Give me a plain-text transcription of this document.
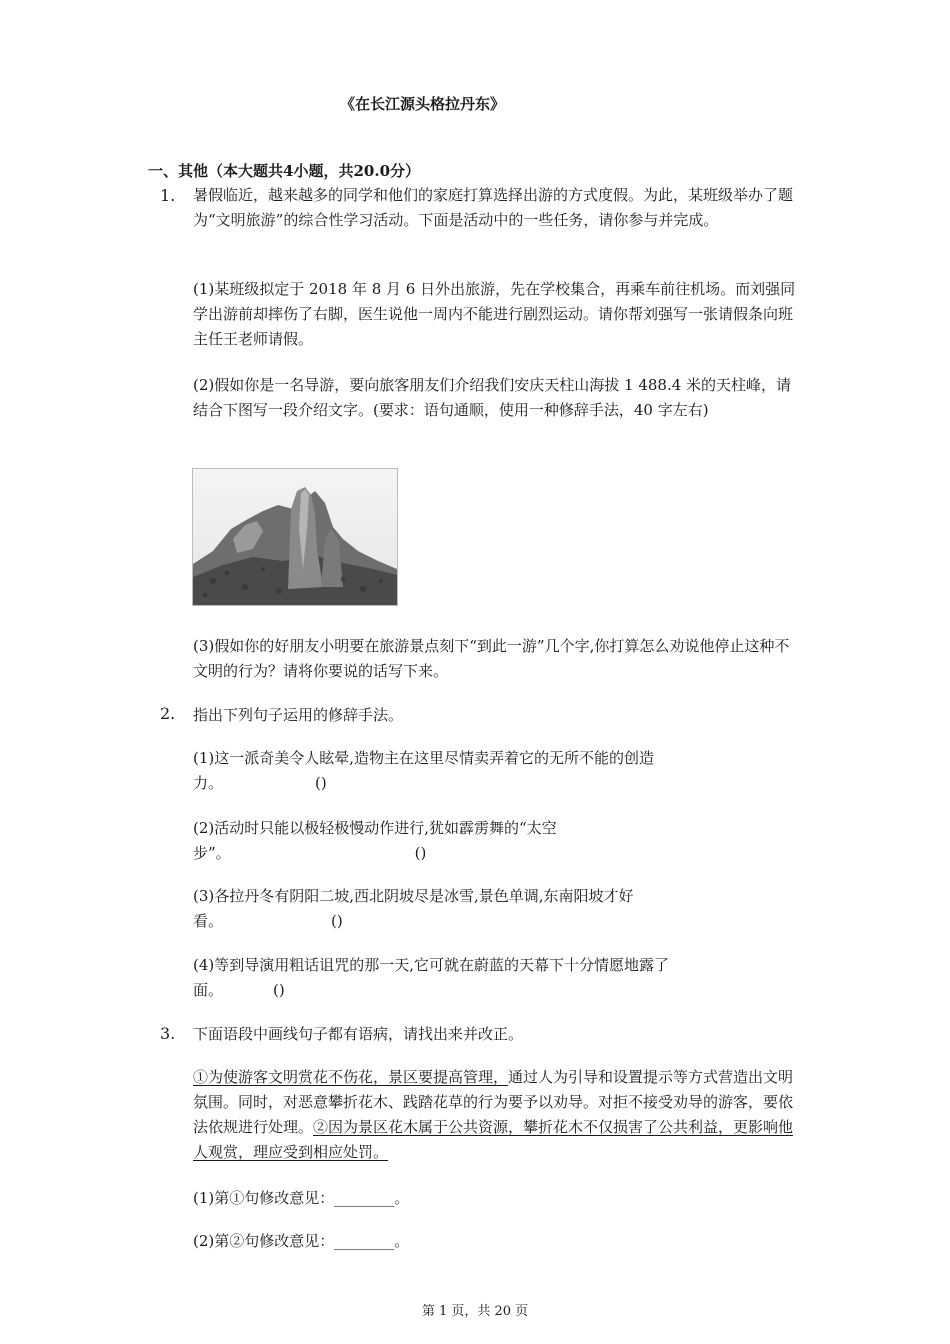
《在长江源头格拉丹东》
一、其他（本大题共4小题，共20.0分）
1. 暑假临近，越来越多的同学和他们的家庭打算选择出游的方式度假。为此，某班级举办了题为“文明旅游”的综合性学习活动。下面是活动中的一些任务，请你参与并完成。
(1)某班级拟定于 2018 年 8 月 6 日外出旅游，先在学校集合，再乘车前往机场。而刘强同学出游前却摔伤了右脚，医生说他一周内不能进行剧烈运动。请你帮刘强写一张请假条向班主任王老师请假。
(2)假如你是一名导游，要向旅客朋友们介绍我们安庆天柱山海拔 1 488.4 米的天柱峰，请结合下图写一段介绍文字。(要求：语句通顺，使用一种修辞手法，40 字左右)
(3)假如你的好朋友小明要在旅游景点刻下“到此一游”几个字,你打算怎么劝说他停止这种不文明的行为？请将你要说的话写下来。
2. 指出下列句子运用的修辞手法。
(1)这一派奇美令人眩晕,造物主在这里尽情卖弄着它的无所不能的创造
力。	()
(2)活动时只能以极轻极慢动作进行,犹如霹雳舞的“太空
步”。	()
(3)各拉丹冬有阴阳二坡,西北阴坡尽是冰雪,景色单调,东南阳坡才好
看。	()
(4)等到导演用粗话诅咒的那一天,它可就在蔚蓝的天幕下十分情愿地露了
面。	()
3. 下面语段中画线句子都有语病，请找出来并改正。
①为使游客文明赏花不伤花，景区要提高管理，通过人为引导和设置提示等方式营造出文明氛围。同时，对恶意攀折花木、践踏花草的行为要予以劝导。对拒不接受劝导的游客，要依法依规进行处理。②因为景区花木属于公共资源，攀折花木不仅损害了公共利益，更影响他人观赏，理应受到相应处罚。
(1)第①句修改意见：________。
(2)第②句修改意见：________。
第 1 页，共 20 页
